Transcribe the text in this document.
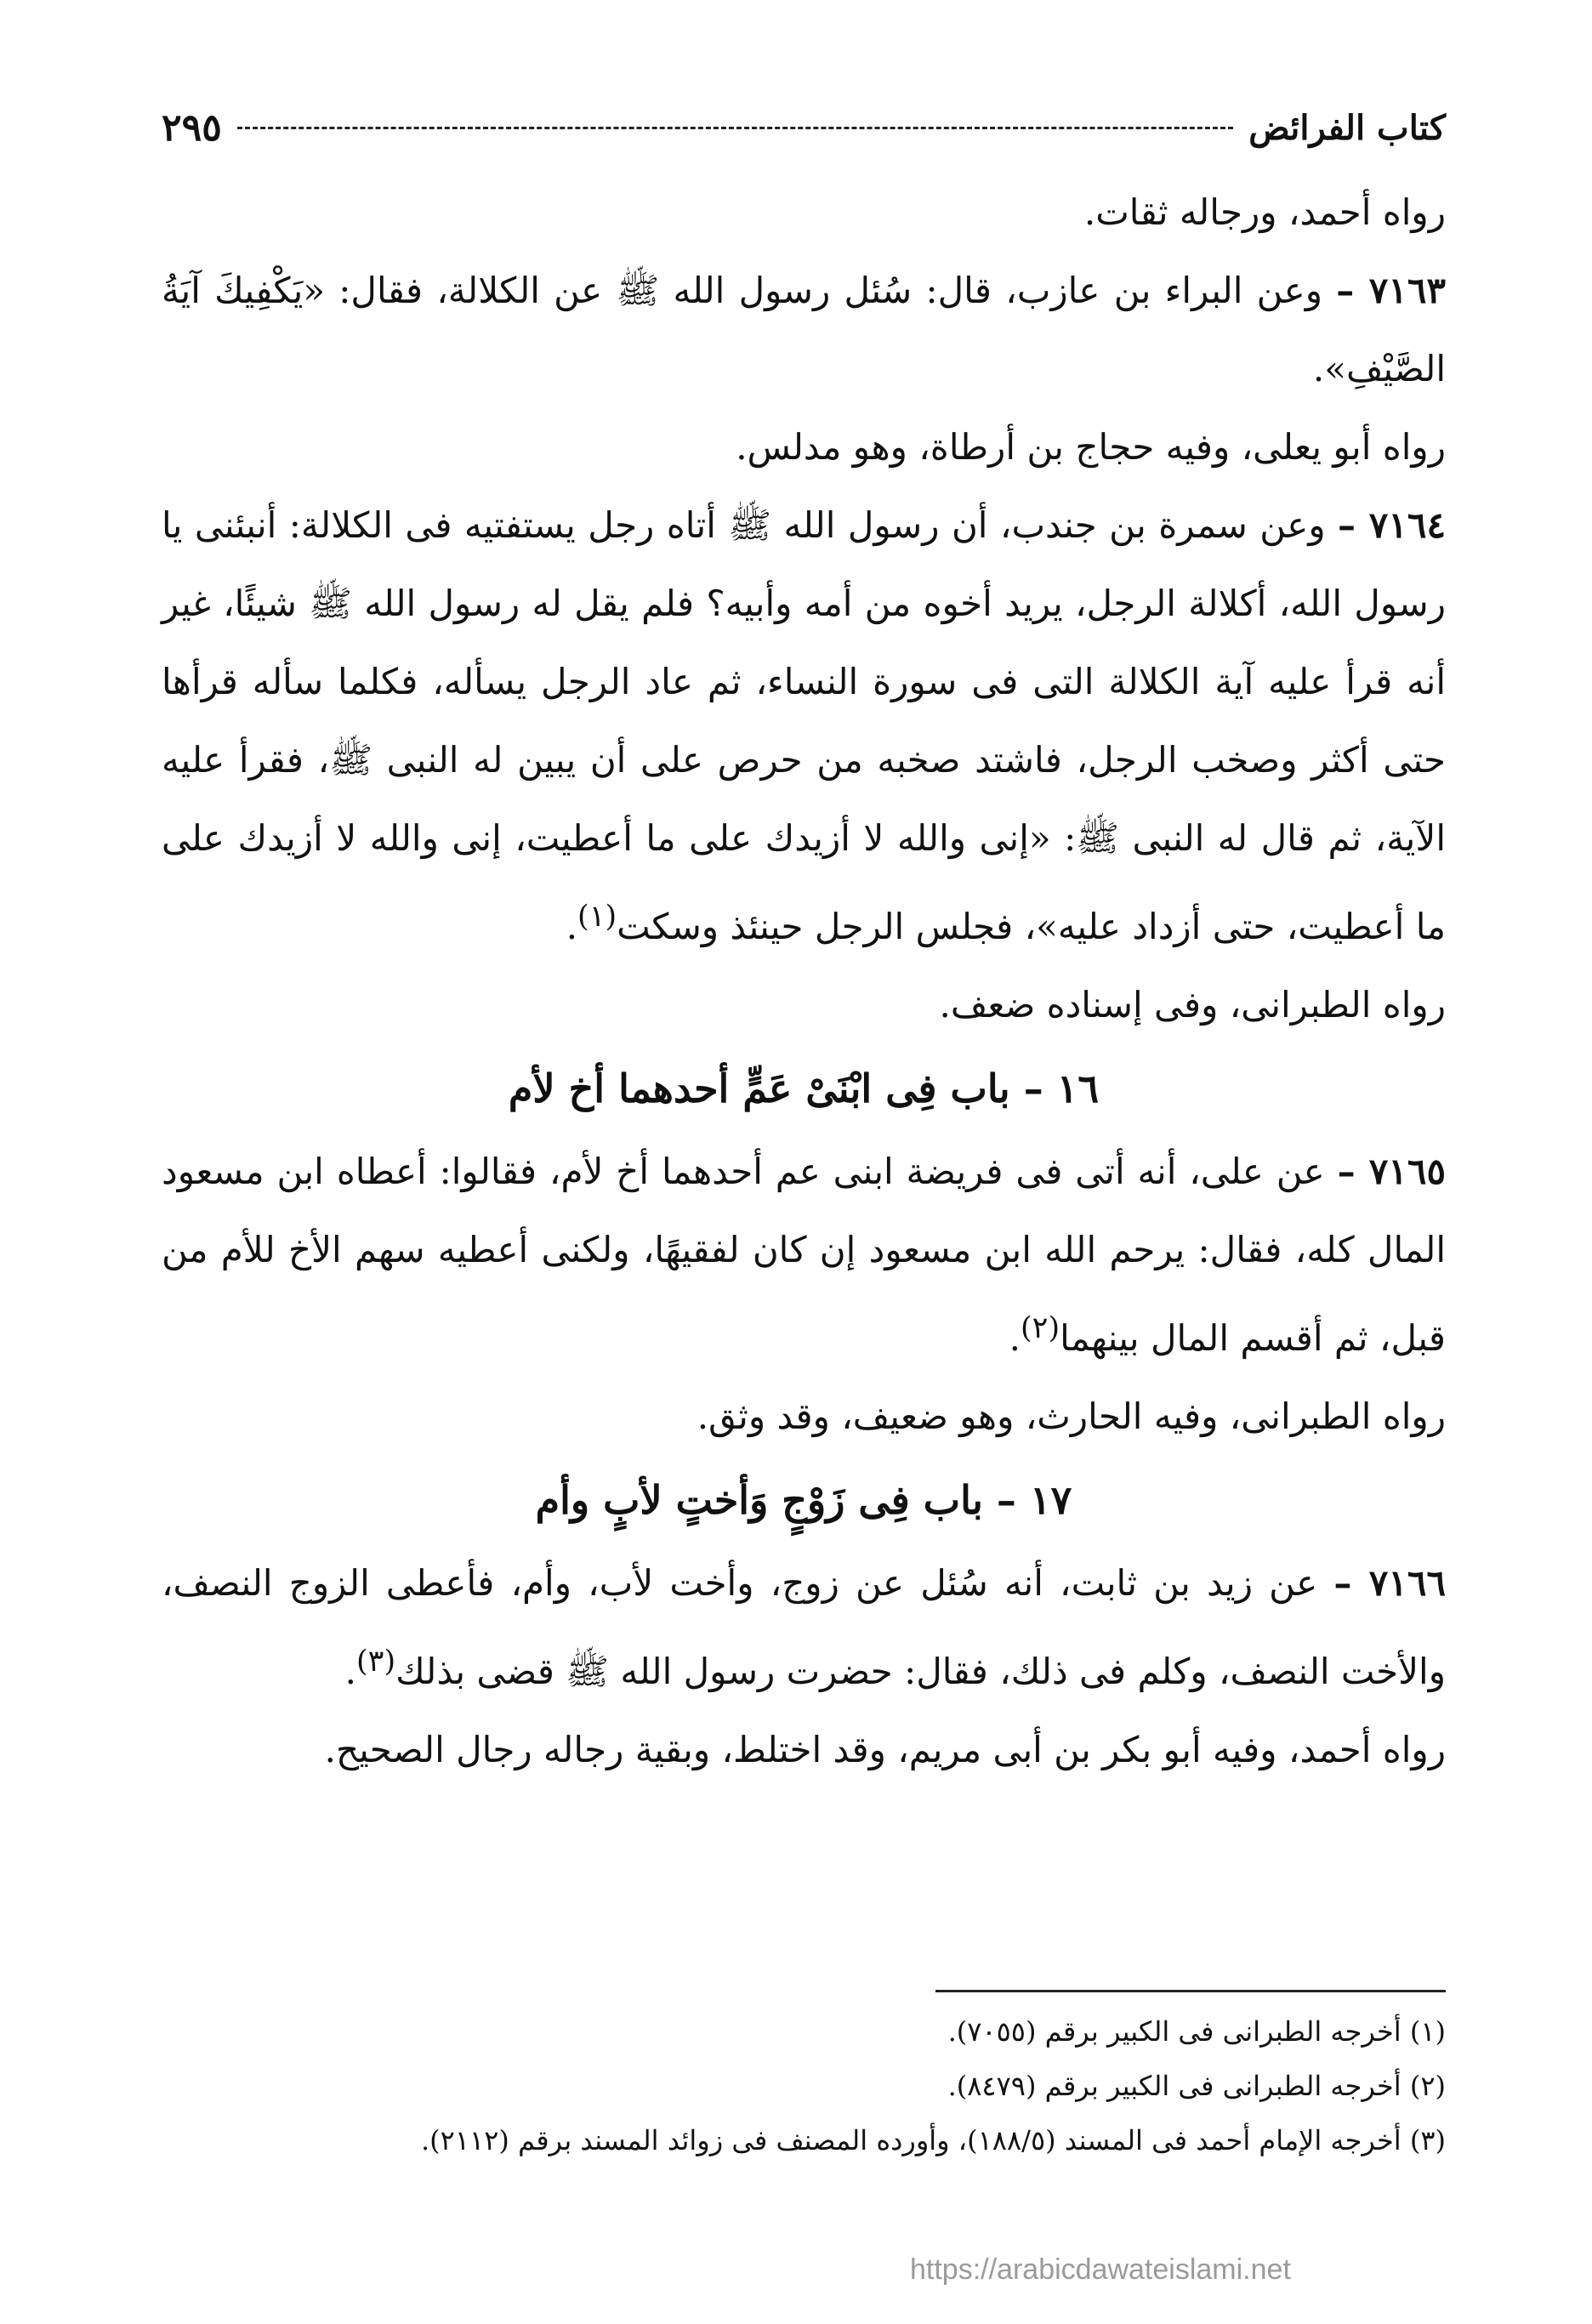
كتاب الفرائض
٢٩٥

رواه أحمد، ورجاله ثقات.

٧١٦٣ – وعن البراء بن عازب، قال: سُئل رسول الله ﷺ عن الكلالة، فقال: «يَكْفِيكَ آيَةُ الصَّيْفِ».

رواه أبو يعلى، وفيه حجاج بن أرطاة، وهو مدلس.

٧١٦٤ – وعن سمرة بن جندب، أن رسول الله ﷺ أتاه رجل يستفتيه فى الكلالة: أنبئنى يا رسول الله، أكلالة الرجل، يريد أخوه من أمه وأبيه؟ فلم يقل له رسول الله ﷺ شيئًا، غير أنه قرأ عليه آية الكلالة التى فى سورة النساء، ثم عاد الرجل يسأله، فكلما سأله قرأها حتى أكثر وصخب الرجل، فاشتد صخبه من حرص على أن يبين له النبى ﷺ، فقرأ عليه الآية، ثم قال له النبى ﷺ: «إنى والله لا أزيدك على ما أعطيت، إنى والله لا أزيدك على ما أعطيت، حتى أزداد عليه»، فجلس الرجل حينئذ وسكت$^{(١)}$.

رواه الطبرانى، وفى إسناده ضعف.

١٦ – باب فِى ابْنَىْ عَمٍّ أحدهما أخ لأم

٧١٦٥ – عن على، أنه أتى فى فريضة ابنى عم أحدهما أخ لأم، فقالوا: أعطاه ابن مسعود المال كله، فقال: يرحم الله ابن مسعود إن كان لفقيهًا، ولكنى أعطيه سهم الأخ للأم من قبل، ثم أقسم المال بينهما$^{(٢)}$.

رواه الطبرانى، وفيه الحارث، وهو ضعيف، وقد وثق.

١٧ – باب فِى زَوْجٍ وَأختٍ لأبٍ وأم

٧١٦٦ – عن زيد بن ثابت، أنه سُئل عن زوج، وأخت لأب، وأم، فأعطى الزوج النصف، والأخت النصف، وكلم فى ذلك، فقال: حضرت رسول الله ﷺ قضى بذلك$^{(٣)}$.

رواه أحمد، وفيه أبو بكر بن أبى مريم، وقد اختلط، وبقية رجاله رجال الصحيح.

(١) أخرجه الطبرانى فى الكبير برقم (٧٠٥٥).

(٢) أخرجه الطبرانى فى الكبير برقم (٨٤٧٩).

(٣) أخرجه الإمام أحمد فى المسند (١٨٨/٥)، وأورده المصنف فى زوائد المسند برقم (٢١١٢).

https://arabicdawateislami.net
